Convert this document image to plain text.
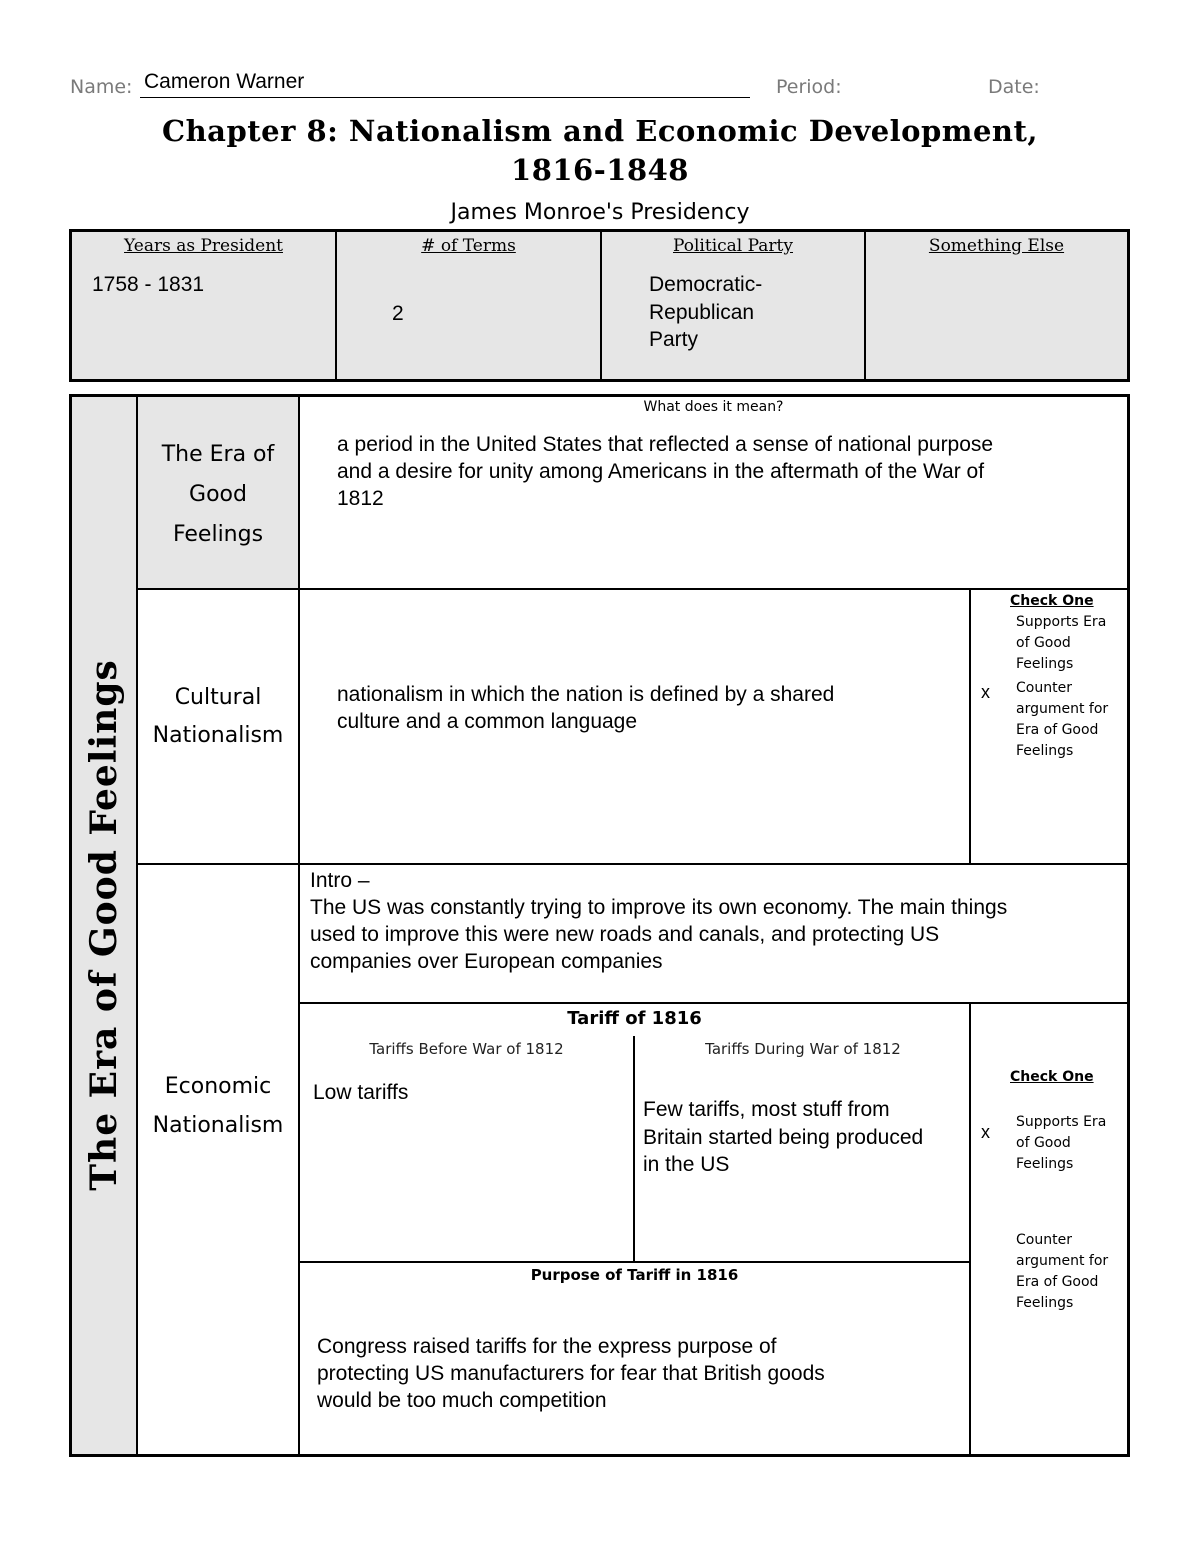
Name: Cameron Warner	Period:	Date:
Chapter 8: Nationalism and Economic Development,
1816-1848
James Monroe's Presidency
Years as President
1758 - 1831
# of Terms
2
Political Party
Democratic-
Republican
Party
Something Else
The Era of Good Feelings
The Era of
Good
Feelings
Cultural
Nationalism
Economic
Nationalism
What does it mean?
a period in the United States that reflected a sense of national purpose
and a desire for unity among Americans in the aftermath of the War of
1812
nationalism in which the nation is defined by a shared
culture and a common language
Check One
Supports Era
of Good
Feelings
x Counter
argument for
Era of Good
Feelings
Intro –
The US was constantly trying to improve its own economy. The main things
used to improve this were new roads and canals, and protecting US
companies over European companies
Tariff of 1816
Tariffs Before War of 1812
Low tariffs
Tariffs During War of 1812
Few tariffs, most stuff from
Britain started being produced
in the US
Purpose of Tariff in 1816
Congress raised tariffs for the express purpose of
protecting US manufacturers for fear that British goods
would be too much competition
Check One
x Supports Era
of Good
Feelings
Counter
argument for
Era of Good
Feelings
